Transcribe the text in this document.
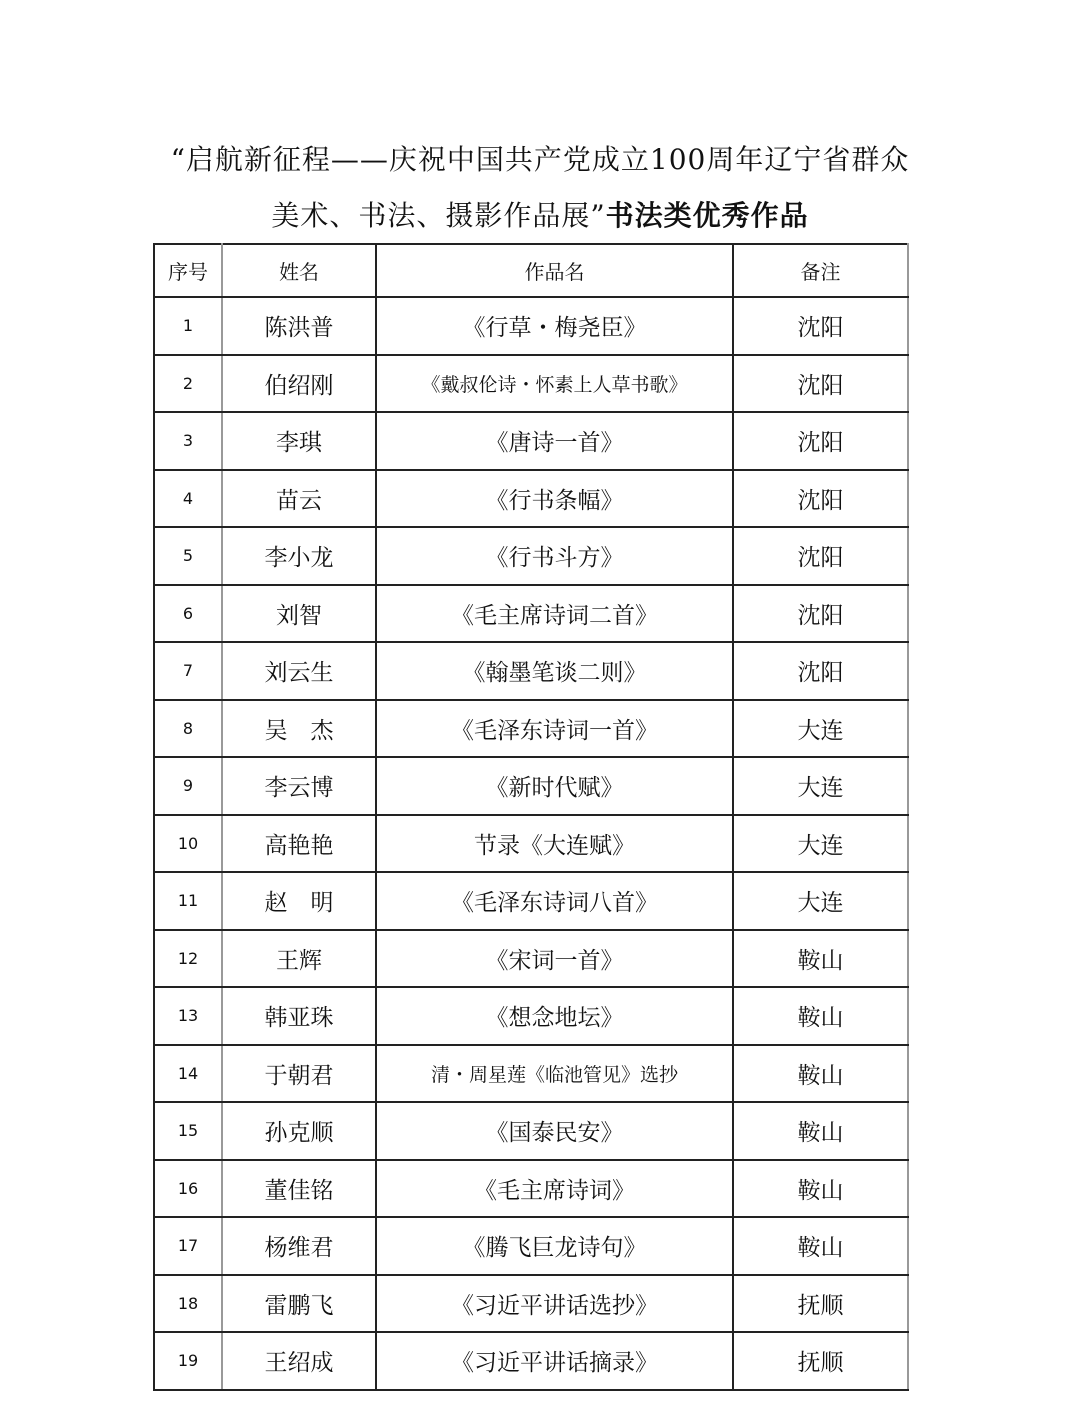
“启航新征程——庆祝中国共产党成立100周年辽宁省群众
美术、书法、摄影作品展”书法类优秀作品
序号	姓名	作品名	备注
1	陈洪普	《行草・梅尧臣》	沈阳
2	伯绍刚	《戴叔伦诗・怀素上人草书歌》	沈阳
3	李琪	《唐诗一首》	沈阳
4	苗云	《行书条幅》	沈阳
5	李小龙	《行书斗方》	沈阳
6	刘智	《毛主席诗词二首》	沈阳
7	刘云生	《翰墨笔谈二则》	沈阳
8	吴　杰	《毛泽东诗词一首》	大连
9	李云博	《新时代赋》	大连
10	高艳艳	节录《大连赋》	大连
11	赵　明	《毛泽东诗词八首》	大连
12	王辉	《宋词一首》	鞍山
13	韩亚珠	《想念地坛》	鞍山
14	于朝君	清・周星莲《临池管见》选抄	鞍山
15	孙克顺	《国泰民安》	鞍山
16	董佳铭	《毛主席诗词》	鞍山
17	杨维君	《腾飞巨龙诗句》	鞍山
18	雷鹏飞	《习近平讲话选抄》	抚顺
19	王绍成	《习近平讲话摘录》	抚顺
